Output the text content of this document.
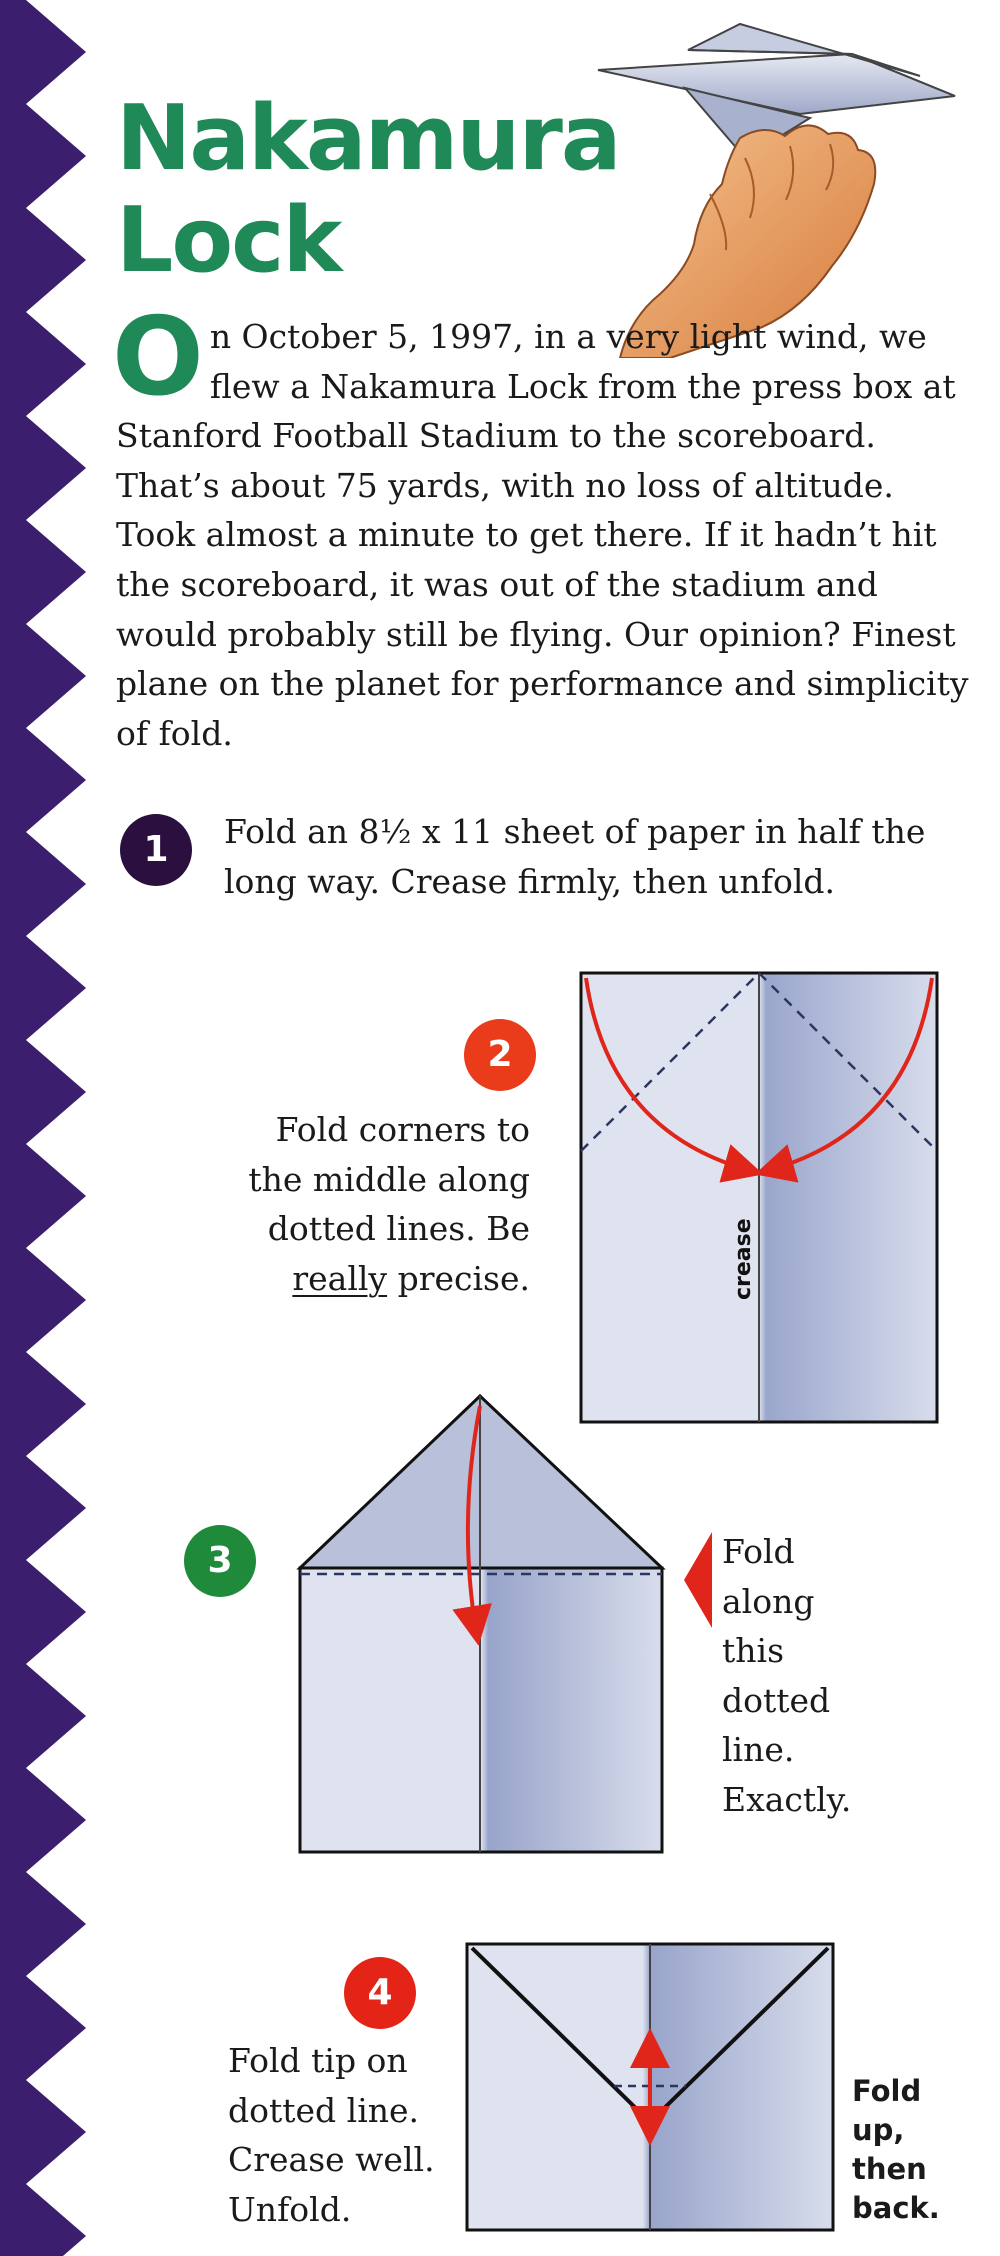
Nakamura
Lock
O n October 5, 1997, in a very light wind, we flew a Nakamura Lock from the press box at Stanford Football Stadium to the scoreboard. That’s about 75 yards, with no loss of altitude. Took almost a minute to get there. If it hadn’t hit the scoreboard, it was out of the stadium and would probably still be flying. Our opinion? Finest plane on the planet for performance and simplicity of fold.
1	Fold an 8½ x 11 sheet of paper in half the long way. Crease firmly, then unfold.
2
Fold corners to the middle along dotted lines. Be really precise.	crease
3	Fold along this dotted line. Exactly.
4
Fold tip on dotted line. Crease well. Unfold.
Fold up, then back.
